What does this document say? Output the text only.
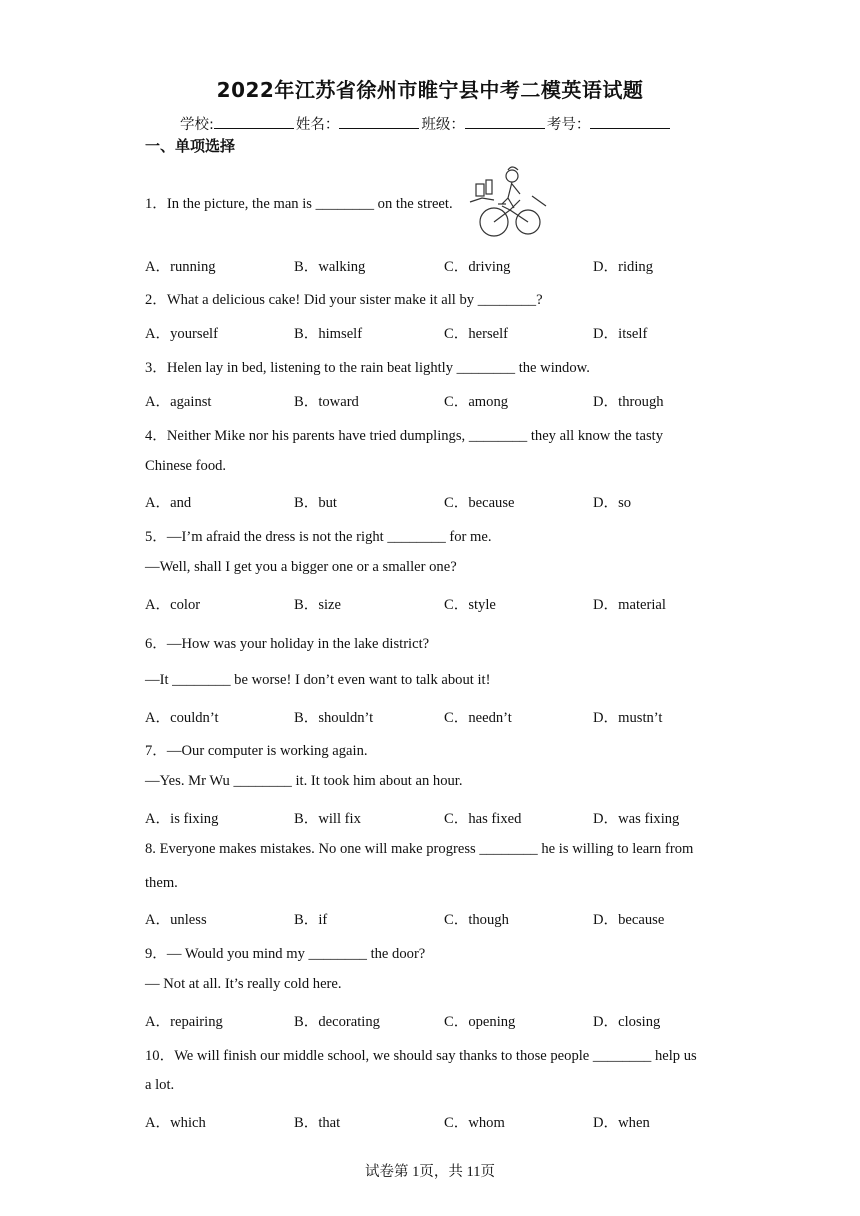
2022年江苏省徐州市睢宁县中考二模英语试题
学校:	姓名：	班级：	考号：
一、单项选择
1．In the picture, the man is ________ on the street.
A．running	B．walking	C．driving	D．riding
2．What a delicious cake! Did your sister make it all by ________?
A．yourself	B．himself	C．herself	D．itself
3．Helen lay in bed, listening to the rain beat lightly ________ the window.
A．against	B．toward	C．among	D．through
4．Neither Mike nor his parents have tried dumplings, ________ they all know the tasty
Chinese food.
A．and	B．but	C．because	D．so
5．—I’m afraid the dress is not the right ________ for me.
—Well, shall I get you a bigger one or a smaller one?
A．color	B．size	C．style	D．material
6．—How was your holiday in the lake district?
—It ________ be worse! I don’t even want to talk about it!
A．couldn’t	B．shouldn’t	C．needn’t	D．mustn’t
7．—Our computer is working again.
—Yes. Mr Wu ________ it. It took him about an hour.
A．is fixing	B．will fix	C．has fixed	D．was fixing
8. Everyone makes mistakes. No one will make progress ________ he is willing to learn from
them.
A．unless	B．if	C．though	D．because
9．— Would you mind my ________ the door?
— Not at all. It’s really cold here.
A．repairing	B．decorating	C．opening	D．closing
10．We will finish our middle school, we should say thanks to those people ________ help us
a lot.
A．which	B．that	C．whom	D．when
试卷第 1页，共 11页
